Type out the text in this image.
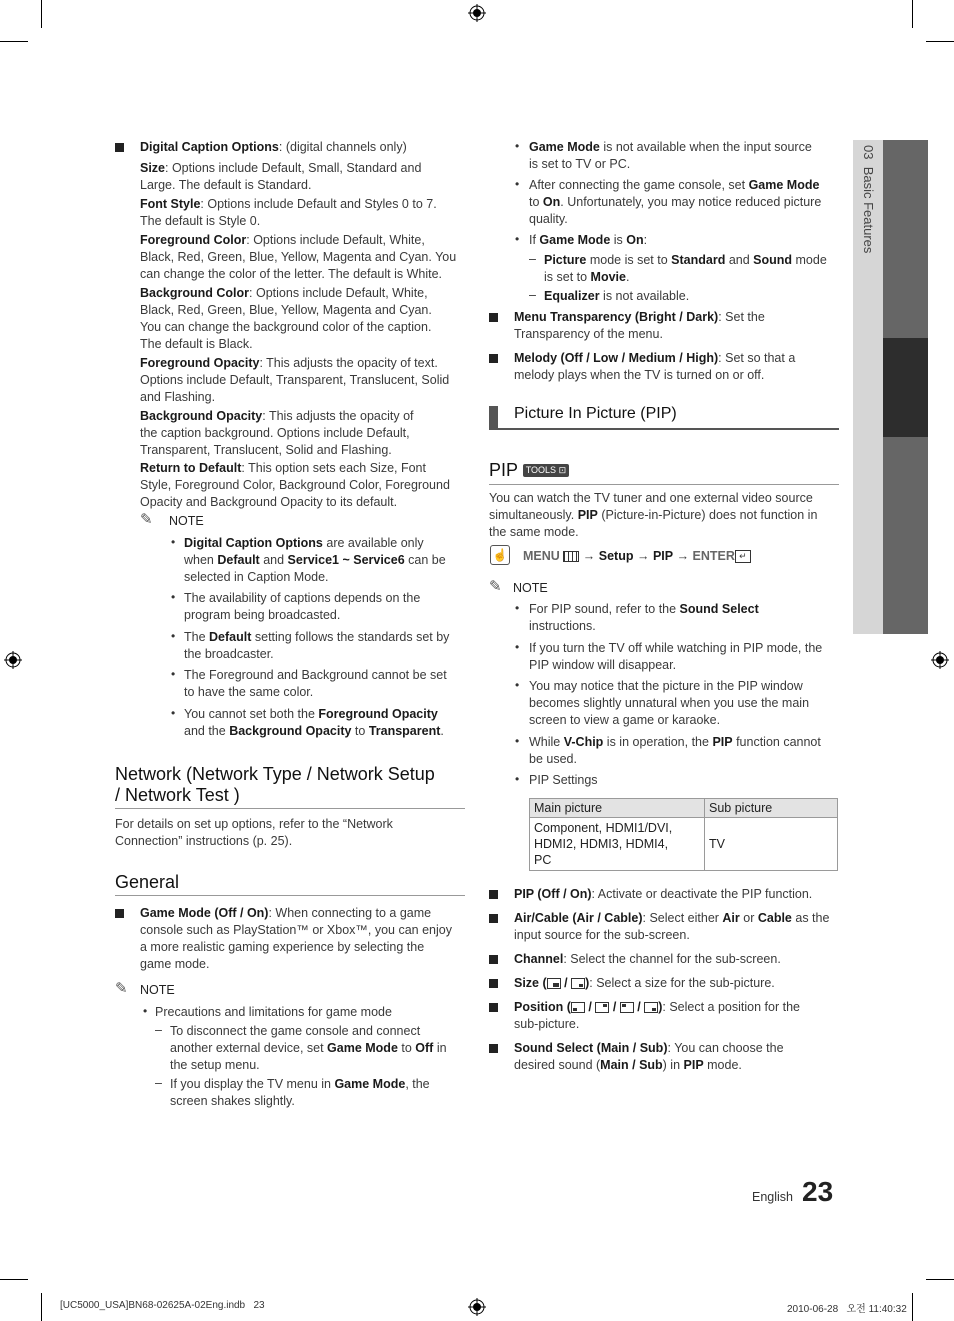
03  Basic Features
Digital Caption Options: (digital channels only)
Size: Options include Default, Small, Standard and
Large. The default is Standard.
Font Style: Options include Default and Styles 0 to 7.
The default is Style 0.
Foreground Color: Options include Default, White,
Black, Red, Green, Blue, Yellow, Magenta and Cyan. You
can change the color of the letter. The default is White.
Background Color: Options include Default, White,
Black, Red, Green, Blue, Yellow, Magenta and Cyan.
You can change the background color of the caption.
The default is Black.
Foreground Opacity: This adjusts the opacity of text.
Options include Default, Transparent, Translucent, Solid
and Flashing.
Background Opacity: This adjusts the opacity of
the caption background. Options include Default,
Transparent, Translucent, Solid and Flashing.
Return to Default: This option sets each Size, Font
Style, Foreground Color, Background Color, Foreground
Opacity and Background Opacity to its default.
✎ NOTE
• Digital Caption Options are available only
when Default and Service1 ~ Service6 can be
selected in Caption Mode.
• The availability of captions depends on the
program being broadcasted.
• The Default setting follows the standards set by
the broadcaster.
• The Foreground and Background cannot be set
to have the same color.
• You cannot set both the Foreground Opacity
and the Background Opacity to Transparent.
Network (Network Type / Network Setup
/ Network Test )
For details on set up options, refer to the “Network
Connection” instructions (p. 25).
General
Game Mode (Off / On): When connecting to a game
console such as PlayStation™ or Xbox™, you can enjoy
a more realistic gaming experience by selecting the
game mode.
✎ NOTE
• Precautions and limitations for game mode
– To disconnect the game console and connect
another external device, set Game Mode to Off in
the setup menu.
– If you display the TV menu in Game Mode, the
screen shakes slightly.
• Game Mode is not available when the input source
is set to TV or PC.
• After connecting the game console, set Game Mode
to On. Unfortunately, you may notice reduced picture
quality.
• If Game Mode is On:
– Picture mode is set to Standard and Sound mode
is set to Movie.
– Equalizer is not available.
Menu Transparency (Bright / Dark): Set the
Transparency of the menu.
Melody (Off / Low / Medium / High): Set so that a
melody plays when the TV is turned on or off.
Picture In Picture (PIP)
PIP TOOLS ⊡
You can watch the TV tuner and one external video source
simultaneously. PIP (Picture-in-Picture) does not function in
the same mode.
☝ MENU  → Setup → PIP → ENTER ↵
✎ NOTE
• For PIP sound, refer to the Sound Select
instructions.
• If you turn the TV off while watching in PIP mode, the
PIP window will disappear.
• You may notice that the picture in the PIP window
becomes slightly unnatural when you use the main
screen to view a game or karaoke.
• While V-Chip is in operation, the PIP function cannot
be used.
• PIP Settings
Main picture	Sub picture
Component, HDMI1/DVI,
HDMI2, HDMI3, HDMI4,
PC	TV
PIP (Off / On): Activate or deactivate the PIP function.
Air/Cable (Air / Cable): Select either Air or Cable as the
input source for the sub-screen.
Channel: Select the channel for the sub-screen.
Size (
/
): Select a size for the sub-picture.
Position (
/
/
/
): Select a position for the
sub-picture.
Sound Select (Main / Sub): You can choose the
desired sound (Main / Sub) in PIP mode.
English 23
[UC5000_USA]BN68-02625A-02Eng.indb   23	2010-06-28   오전 11:40:32
